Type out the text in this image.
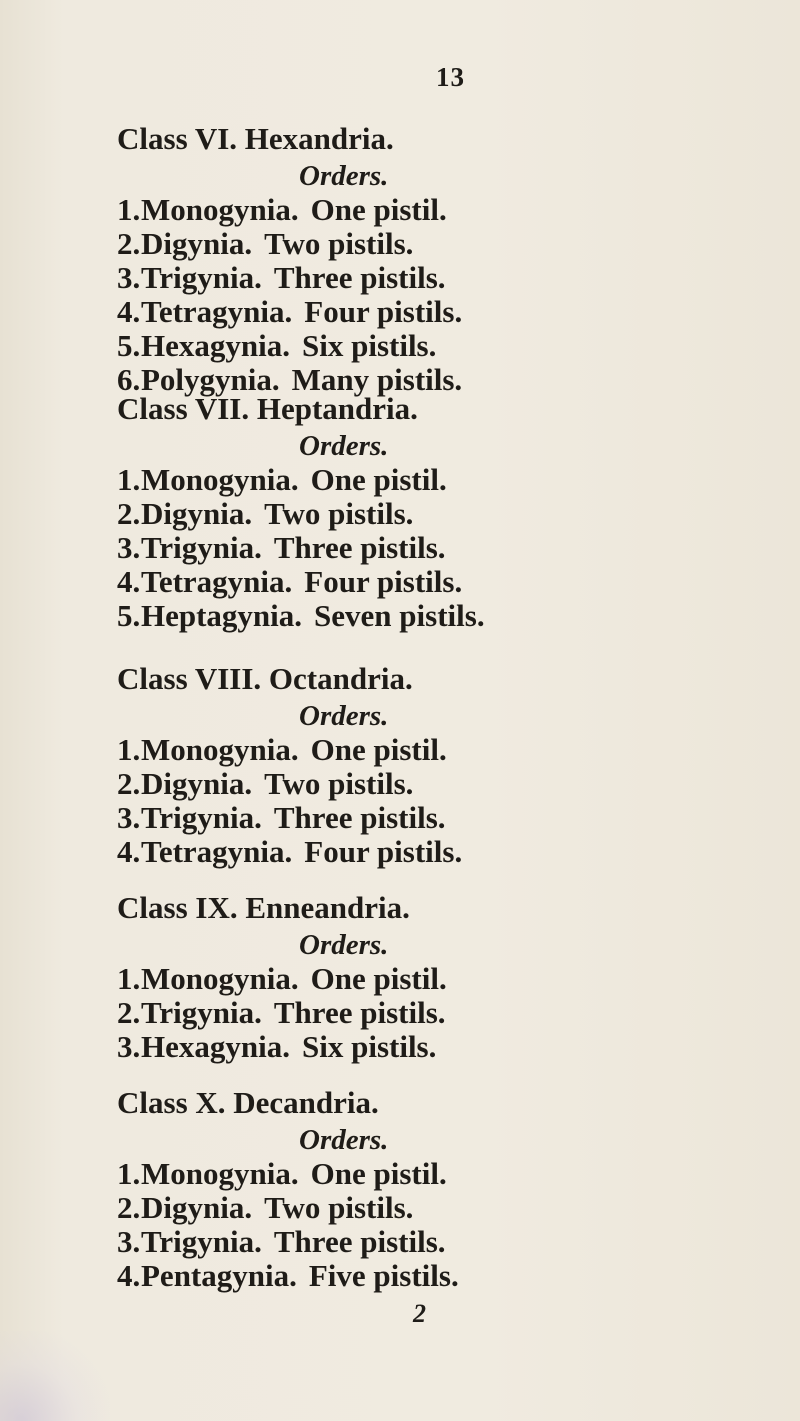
13
Class VI. Hexandria.
Orders.
1. Monogynia. One pistil.
2. Digynia. Two pistils.
3. Trigynia. Three pistils.
4. Tetragynia. Four pistils.
5. Hexagynia. Six pistils.
6. Polygynia. Many pistils.
Class VII. Heptandria.
Orders.
1. Monogynia. One pistil.
2. Digynia. Two pistils.
3. Trigynia. Three pistils.
4. Tetragynia. Four pistils.
5. Heptagynia. Seven pistils.
Class VIII. Octandria.
Orders.
1. Monogynia. One pistil.
2. Digynia. Two pistils.
3. Trigynia. Three pistils.
4. Tetragynia. Four pistils.
Class IX. Enneandria.
Orders.
1. Monogynia. One pistil.
2. Trigynia. Three pistils.
3. Hexagynia. Six pistils.
Class X. Decandria.
Orders.
1. Monogynia. One pistil.
2. Digynia. Two pistils.
3. Trigynia. Three pistils.
4. Pentagynia. Five pistils.
2
